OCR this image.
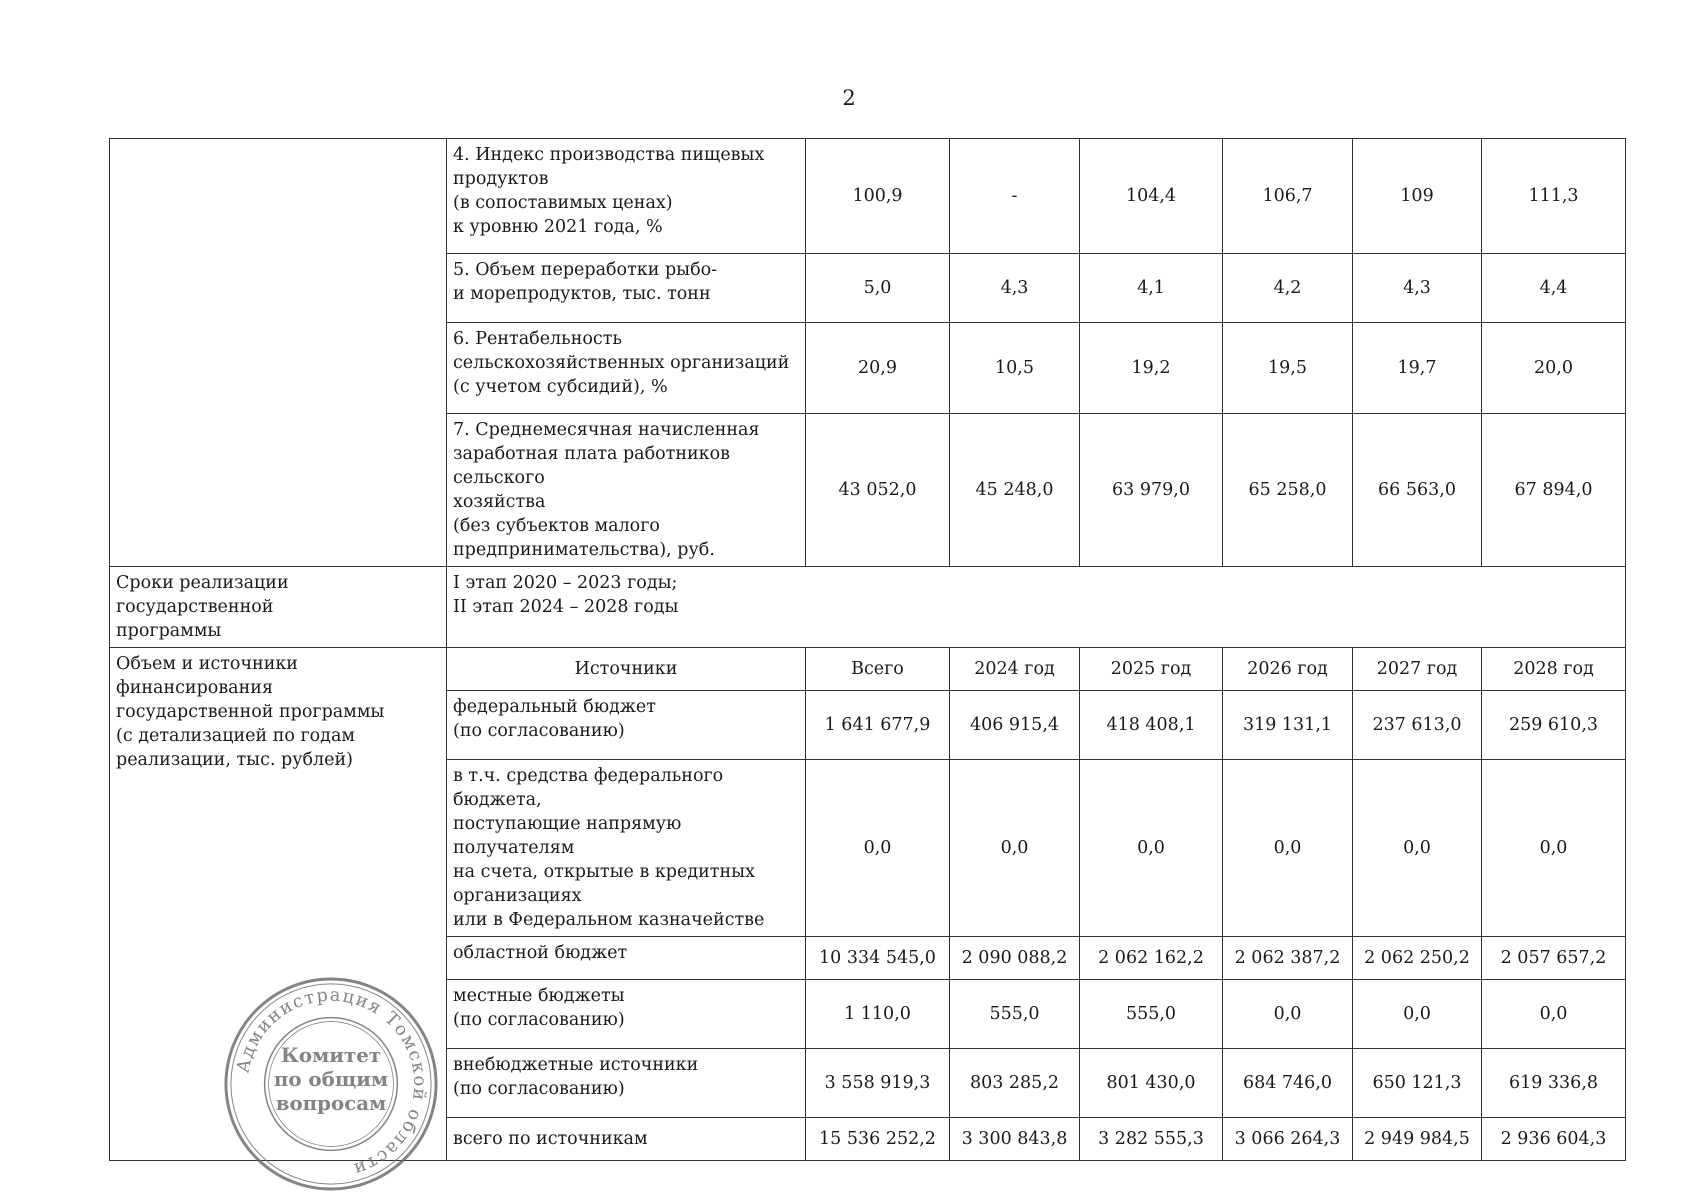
2
	4. Индекс производства пищевых
продуктов
(в сопоставимых ценах)
к уровню 2021 года, %	100,9	-	104,4	106,7	109	111,3
	5. Объем переработки рыбо-
и морепродуктов, тыс. тонн	5,0	4,3	4,1	4,2	4,3	4,4
	6. Рентабельность
сельскохозяйственных организаций
(с учетом субсидий), %	20,9	10,5	19,2	19,5	19,7	20,0
	7. Среднемесячная начисленная
заработная плата работников сельского
хозяйства
(без субъектов малого
предпринимательства), руб.	43 052,0	45 248,0	63 979,0	65 258,0	66 563,0	67 894,0
Сроки реализации государственной
программы	I этап 2020 – 2023 годы;
II этап 2024 – 2028 годы						
Объем и источники финансирования
государственной программы
(с детализацией по годам
реализации, тыс. рублей)	Источники	Всего	2024 год	2025 год	2026 год	2027 год	2028 год
	федеральный бюджет
(по согласованию)	1 641 677,9	406 915,4	418 408,1	319 131,1	237 613,0	259 610,3
	в т.ч. средства федерального бюджета,
поступающие напрямую получателям
на счета, открытые в кредитных
организациях
или в Федеральном казначействе	0,0	0,0	0,0	0,0	0,0	0,0
	областной бюджет	10 334 545,0	2 090 088,2	2 062 162,2	2 062 387,2	2 062 250,2	2 057 657,2
	местные бюджеты
(по согласованию)	1 110,0	555,0	555,0	0,0	0,0	0,0
	внебюджетные источники
(по согласованию)	3 558 919,3	803 285,2	801 430,0	684 746,0	650 121,3	619 336,8
	всего по источникам	15 536 252,2	3 300 843,8	3 282 555,3	3 066 264,3	2 949 984,5	2 936 604,3
Администрация Томской области
Комитет по общим вопросам
